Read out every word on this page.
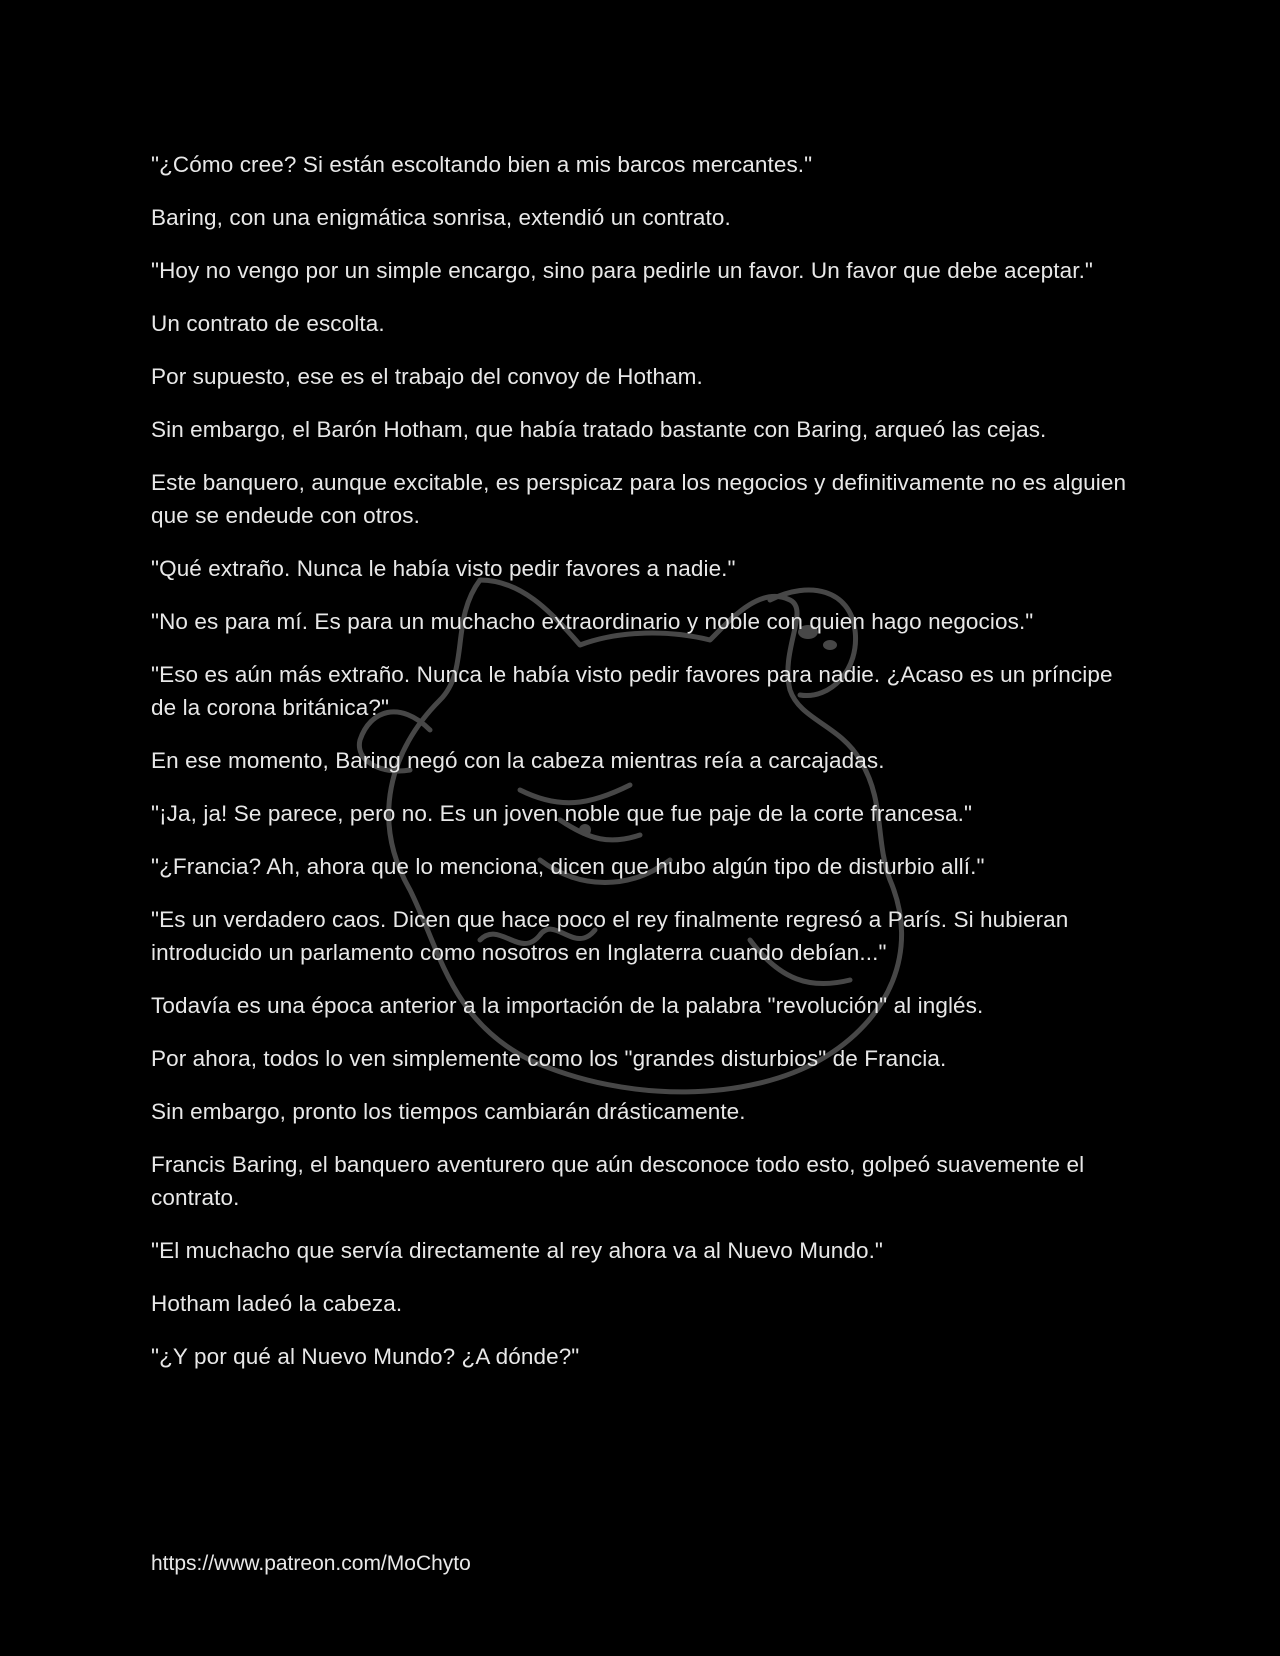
"¿Cómo cree? Si están escoltando bien a mis barcos mercantes."

Baring, con una enigmática sonrisa, extendió un contrato.

"Hoy no vengo por un simple encargo, sino para pedirle un favor. Un favor que debe aceptar."

Un contrato de escolta.

Por supuesto, ese es el trabajo del convoy de Hotham.

Sin embargo, el Barón Hotham, que había tratado bastante con Baring, arqueó las cejas.

Este banquero, aunque excitable, es perspicaz para los negocios y definitivamente no es alguien que se endeude con otros.

"Qué extraño. Nunca le había visto pedir favores a nadie."

"No es para mí. Es para un muchacho extraordinario y noble con quien hago negocios."

"Eso es aún más extraño. Nunca le había visto pedir favores para nadie. ¿Acaso es un príncipe de la corona británica?"

En ese momento, Baring negó con la cabeza mientras reía a carcajadas.

"¡Ja, ja! Se parece, pero no. Es un joven noble que fue paje de la corte francesa."

"¿Francia? Ah, ahora que lo menciona, dicen que hubo algún tipo de disturbio allí."

"Es un verdadero caos. Dicen que hace poco el rey finalmente regresó a París. Si hubieran introducido un parlamento como nosotros en Inglaterra cuando debían..."

Todavía es una época anterior a la importación de la palabra "revolución" al inglés.

Por ahora, todos lo ven simplemente como los "grandes disturbios" de Francia.

Sin embargo, pronto los tiempos cambiarán drásticamente.

Francis Baring, el banquero aventurero que aún desconoce todo esto, golpeó suavemente el contrato.

"El muchacho que servía directamente al rey ahora va al Nuevo Mundo."

Hotham ladeó la cabeza.

"¿Y por qué al Nuevo Mundo? ¿A dónde?"

https://www.patreon.com/MoChyto
